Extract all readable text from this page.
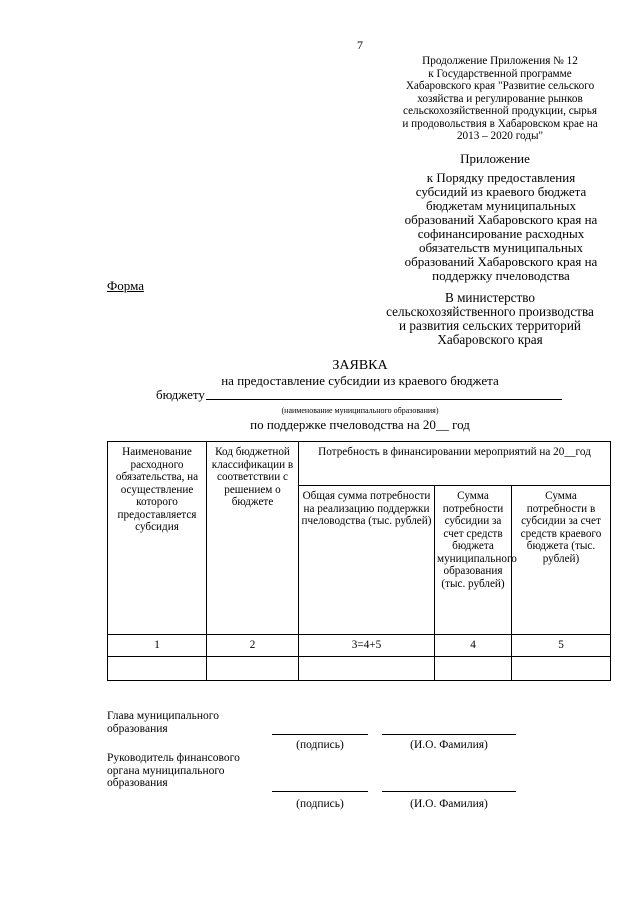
7
Продолжение Приложения № 12
к Государственной программе
Хабаровского края "Развитие сельского
хозяйства и регулирование рынков
сельскохозяйственной продукции, сырья
и продовольствия в Хабаровском крае на
2013 – 2020 годы"
Приложение
к Порядку предоставления
субсидий из краевого бюджета
бюджетам муниципальных
образований Хабаровского края на
софинансирование расходных
обязательств муниципальных
образований Хабаровского края на
поддержку пчеловодства
Форма
В министерство
сельскохозяйственного производства
и развития сельских территорий
Хабаровского края
ЗАЯВКА
на предоставление субсидии из краевого бюджета
бюджету
(наименование муниципального образования)
по поддержке пчеловодства на 20__ год
Наименование расходного обязательства, на осуществление которого предоставляется субсидия	Код бюджетной классификации в соответствии с решением о бюджете	Потребность в финансировании мероприятий на 20__год		
		Общая сумма потребности на реализацию поддержки пчеловодства (тыс. рублей)	Сумма потребности субсидии за счет средств бюджета муниципального образования (тыс. рублей)	Сумма потребности в субсидии за счет средств краевого бюджета (тыс. рублей)
1	2	3=4+5	4	5

Глава муниципального
образования
(подпись)	(И.О. Фамилия)
Руководитель финансового
органа муниципального
образования
(подпись)	(И.О. Фамилия)
